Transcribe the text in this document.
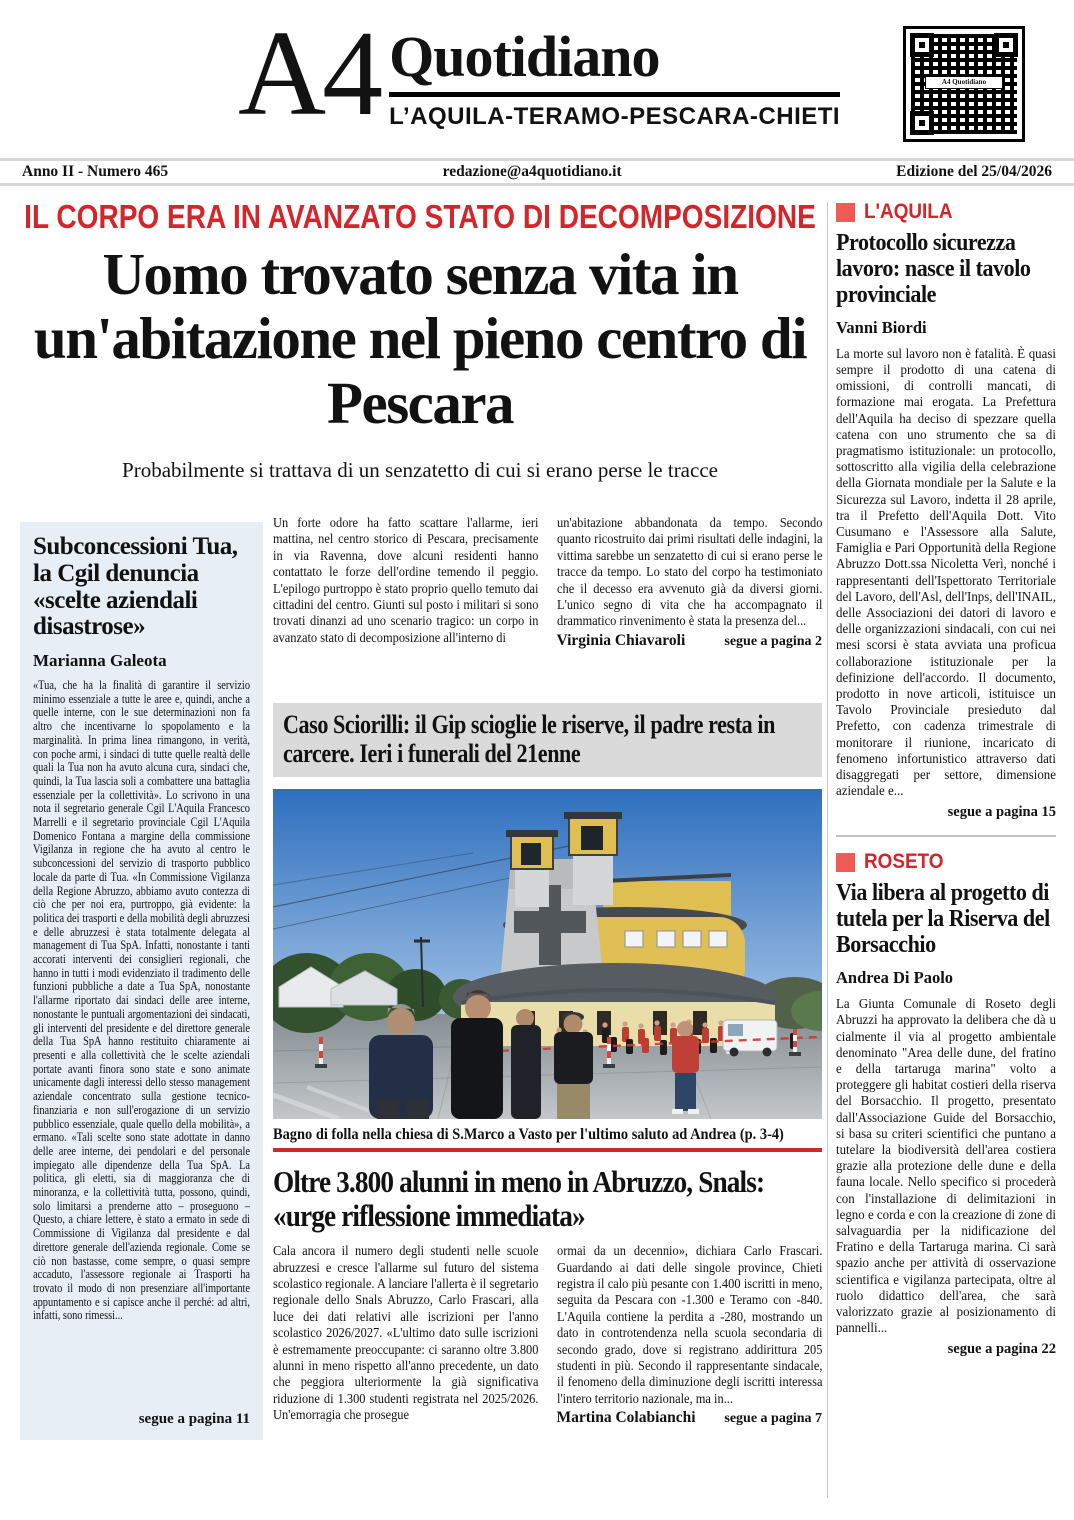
A4 Quotidiano
L’AQUILA-TERAMO-PESCARA-CHIETI
A4 Quotidiano
Anno II - Numero 465	redazione@a4quotidiano.it	Edizione del 25/04/2026
IL CORPO ERA IN AVANZATO STATO DI DECOMPOSIZIONE
Uomo trovato senza vita in un'abitazione nel pieno centro di Pescara
Probabilmente si trattava di un senzatetto di cui si erano perse le tracce
Subconcessioni Tua, la Cgil denuncia «scelte aziendali disastrose»
Marianna Galeota
«Tua, che ha la finalità di garantire il servizio minimo essenziale a tutte le aree e, quindi, anche a quelle interne, con le sue determinazioni non fa altro che incentivarne lo spopolamento e la marginalità. In prima linea rimangono, in verità, con poche armi, i sindaci di tutte quelle realtà delle quali la Tua non ha avuto alcuna cura, sindaci che, quindi, la Tua lascia soli a combattere una battaglia essenziale per la collettività». Lo scrivono in una nota il segretario generale Cgil L'Aquila Francesco Marrelli e il segretario provinciale Cgil L'Aquila Domenico Fontana a margine della commissione Vigilanza in regione che ha avuto al centro le subconcessioni del servizio di trasporto pubblico locale da parte di Tua. «In Commissione Vigilanza della Regione Abruzzo, abbiamo avuto contezza di ciò che per noi era, purtroppo, già evidente: la politica dei trasporti e della mobilità degli abruzzesi e delle abruzzesi è stata totalmente delegata al management di Tua SpA. Infatti, nonostante i tanti accorati interventi dei consiglieri regionali, che hanno in tutti i modi evidenziato il tradimento delle funzioni pubbliche a date a Tua SpA, nonostante l'allarme riportato dai sindaci delle aree interne, nonostante le puntuali argomentazioni dei sindacati, gli interventi del presidente e del direttore generale della Tua SpA hanno restituito chiaramente ai presenti e alla collettività che le scelte aziendali portate avanti finora sono state e sono animate unicamente dagli interessi dello stesso management aziendale concentrato sulla gestione tecnico-finanziaria e non sull'erogazione di un servizio pubblico essenziale, quale quello della mobilità», a ermano. «Tali scelte sono state adottate in danno delle aree interne, dei pendolari e del personale impiegato alle dipendenze della Tua SpA. La politica, gli eletti, sia di maggioranza che di minoranza, e la collettività tutta, possono, quindi, solo limitarsi a prenderne atto – proseguono – Questo, a chiare lettere, è stato a ermato in sede di Commissione di Vigilanza dal presidente e dal direttore generale dell'azienda regionale. Come se ciò non bastasse, come sempre, o quasi sempre accaduto, l'assessore regionale ai Trasporti ha trovato il modo di non presenziare all'importante appuntamento e si capisce anche il perché: ad altri, infatti, sono rimessi...
segue a pagina 11
Un forte odore ha fatto scattare l'allarme, ieri mattina, nel centro storico di Pescara, precisamente in via Ravenna, dove alcuni residenti hanno contattato le forze dell'ordine temendo il peggio. L'epilogo purtroppo è stato proprio quello temuto dai cittadini del centro. Giunti sul posto i militari si sono trovati dinanzi ad uno scenario tragico: un corpo in avanzato stato di decomposizione all'interno di
un'abitazione abbandonata da tempo. Secondo quanto ricostruito dai primi risultati delle indagini, la vittima sarebbe un senzatetto di cui si erano perse le tracce da tempo. Lo stato del corpo ha testimoniato che il decesso era avvenuto già da diversi giorni. L'unico segno di vita che ha accompagnato il drammatico rinvenimento è stata la presenza del...
Virginia Chiavaroli	segue a pagina 2
Caso Sciorilli: il Gip scioglie le riserve, il padre resta in carcere. Ieri i funerali del 21enne
Bagno di folla nella chiesa di S.Marco a Vasto per l'ultimo saluto ad Andrea (p. 3-4)
Oltre 3.800 alunni in meno in Abruzzo, Snals: «urge riflessione immediata»
Cala ancora il numero degli studenti nelle scuole abruzzesi e cresce l'allarme sul futuro del sistema scolastico regionale. A lanciare l'allerta è il segretario regionale dello Snals Abruzzo, Carlo Frascari, alla luce dei dati relativi alle iscrizioni per l'anno scolastico 2026/2027. «L'ultimo dato sulle iscrizioni è estremamente preoccupante: ci saranno oltre 3.800 alunni in meno rispetto all'anno precedente, un dato che peggiora ulteriormente la già significativa riduzione di 1.300 studenti registrata nel 2025/2026. Un'emorragia che prosegue
ormai da un decennio», dichiara Carlo Frascari. Guardando ai dati delle singole province, Chieti registra il calo più pesante con 1.400 iscritti in meno, seguita da Pescara con -1.300 e Teramo con -840. L'Aquila contiene la perdita a -280, mostrando un dato in controtendenza nella scuola secondaria di secondo grado, dove si registrano addirittura 205 studenti in più. Secondo il rappresentante sindacale, il fenomeno della diminuzione degli iscritti interessa l'intero territorio nazionale, ma in...
Martina Colabianchi segue a pagina 7
L'AQUILA
Protocollo sicurezza lavoro: nasce il tavolo provinciale
Vanni Biordi
La morte sul lavoro non è fatalità. È quasi sempre il prodotto di una catena di omissioni, di controlli mancati, di formazione mai erogata. La Prefettura dell'Aquila ha deciso di spezzare quella catena con uno strumento che sa di pragmatismo istituzionale: un protocollo, sottoscritto alla vigilia della celebrazione della Giornata mondiale per la Salute e la Sicurezza sul Lavoro, indetta il 28 aprile, tra il Prefetto dell'Aquila Dott. Vito Cusumano e l'Assessore alla Salute, Famiglia e Pari Opportunità della Regione Abruzzo Dott.ssa Nicoletta Verì, nonché i rappresentanti dell'Ispettorato Territoriale del Lavoro, dell'Asl, dell'Inps, dell'INAIL, delle Associazioni dei datori di lavoro e delle organizzazioni sindacali, con cui nei mesi scorsi è stata avviata una proficua collaborazione istituzionale per la definizione dell'accordo. Il documento, prodotto in nove articoli, istituisce un Tavolo Provinciale presieduto dal Prefetto, con cadenza trimestrale di monitorare il riunione, incaricato di fenomeno infortunistico attraverso dati disaggregati per settore, dimensione aziendale e...
segue a pagina 15
ROSETO
Via libera al progetto di tutela per la Riserva del Borsacchio
Andrea Di Paolo
La Giunta Comunale di Roseto degli Abruzzi ha approvato la delibera che dà u cialmente il via al progetto ambientale denominato "Area delle dune, del fratino e della tartaruga marina" volto a proteggere gli habitat costieri della riserva del Borsacchio. Il progetto, presentato dall'Associazione Guide del Borsacchio, si basa su criteri scientifici che puntano a tutelare la biodiversità dell'area costiera grazie alla protezione delle dune e della fauna locale. Nello specifico si procederà con l'installazione di delimitazioni in legno e corda e con la creazione di zone di salvaguardia per la nidificazione del Fratino e della Tartaruga marina. Ci sarà spazio anche per attività di osservazione scientifica e vigilanza partecipata, oltre al ruolo didattico dell'area, che sarà valorizzato grazie al posizionamento di pannelli...
segue a pagina 22
